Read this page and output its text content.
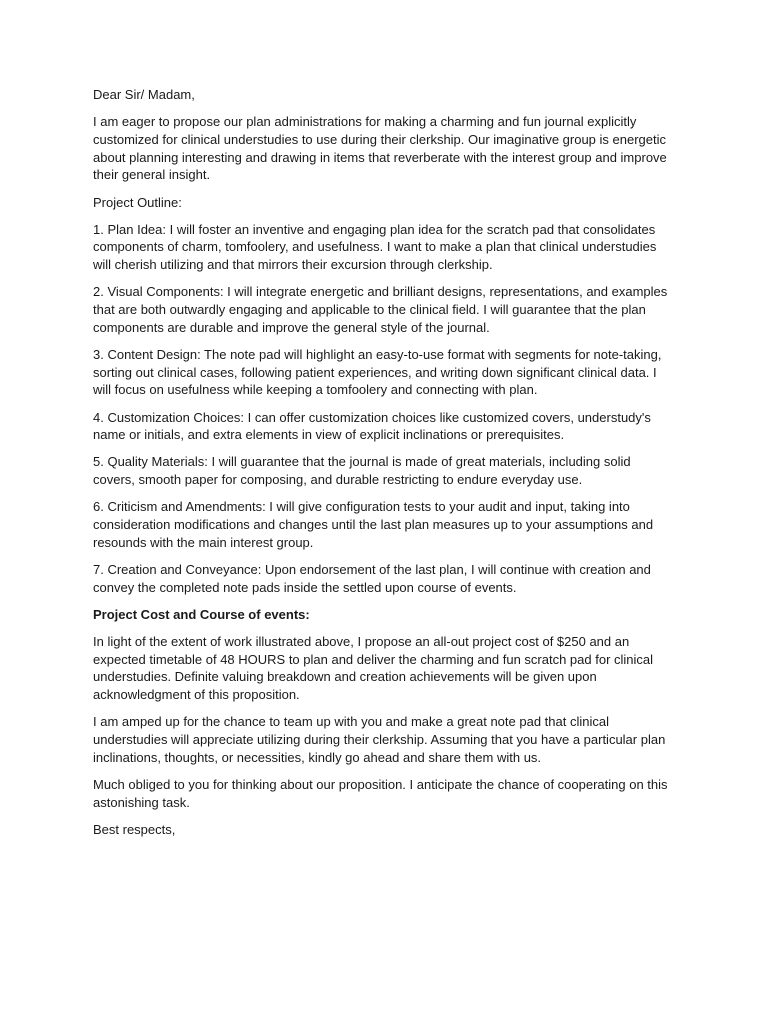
Dear Sir/ Madam,

I am eager to propose our plan administrations for making a charming and fun journal explicitly customized for clinical understudies to use during their clerkship. Our imaginative group is energetic about planning interesting and drawing in items that reverberate with the interest group and improve their general insight.

Project Outline:

1. Plan Idea: I will foster an inventive and engaging plan idea for the scratch pad that consolidates components of charm, tomfoolery, and usefulness. I want to make a plan that clinical understudies will cherish utilizing and that mirrors their excursion through clerkship.

2. Visual Components: I will integrate energetic and brilliant designs, representations, and examples that are both outwardly engaging and applicable to the clinical field. I will guarantee that the plan components are durable and improve the general style of the journal.

3. Content Design: The note pad will highlight an easy-to-use format with segments for note-taking, sorting out clinical cases, following patient experiences, and writing down significant clinical data. I will focus on usefulness while keeping a tomfoolery and connecting with plan.

4. Customization Choices: I can offer customization choices like customized covers, understudy's name or initials, and extra elements in view of explicit inclinations or prerequisites.

5. Quality Materials: I will guarantee that the journal is made of great materials, including solid covers, smooth paper for composing, and durable restricting to endure everyday use.

6. Criticism and Amendments: I will give configuration tests to your audit and input, taking into consideration modifications and changes until the last plan measures up to your assumptions and resounds with the main interest group.

7. Creation and Conveyance: Upon endorsement of the last plan, I will continue with creation and convey the completed note pads inside the settled upon course of events.

Project Cost and Course of events:

In light of the extent of work illustrated above, I propose an all-out project cost of $250 and an expected timetable of 48 HOURS to plan and deliver the charming and fun scratch pad for clinical understudies. Definite valuing breakdown and creation achievements will be given upon acknowledgment of this proposition.

I am amped up for the chance to team up with you and make a great note pad that clinical understudies will appreciate utilizing during their clerkship. Assuming that you have a particular plan inclinations, thoughts, or necessities, kindly go ahead and share them with us.

Much obliged to you for thinking about our proposition. I anticipate the chance of cooperating on this astonishing task.

Best respects,
